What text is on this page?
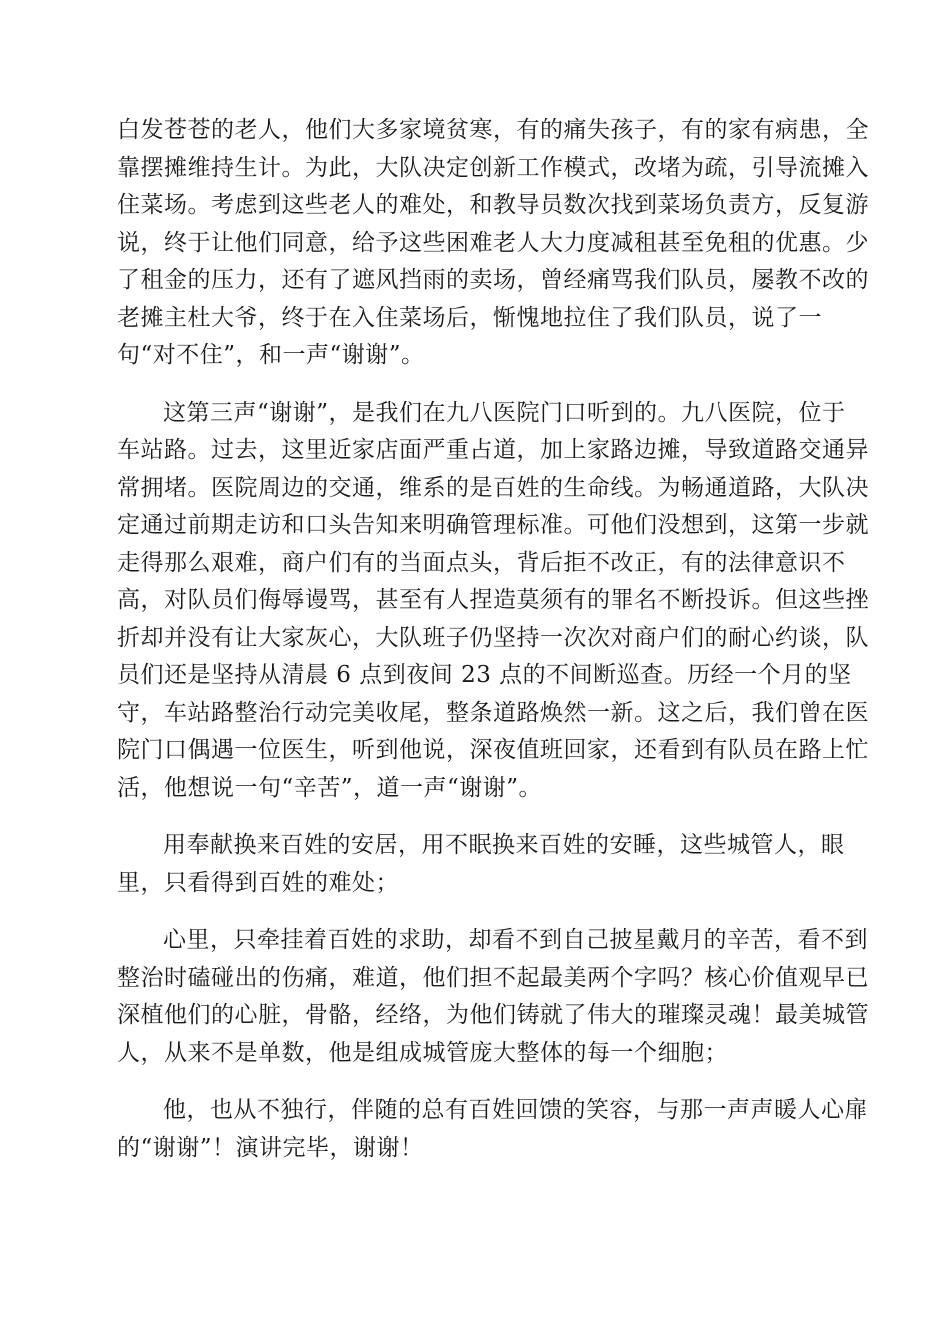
白发苍苍的老人，他们大多家境贫寒，有的痛失孩子，有的家有病患，全
靠摆摊维持生计。为此，大队决定创新工作模式，改堵为疏，引导流摊入
住菜场。考虑到这些老人的难处，和教导员数次找到菜场负责方，反复游
说，终于让他们同意，给予这些困难老人大力度减租甚至免租的优惠。少
了租金的压力，还有了遮风挡雨的卖场，曾经痛骂我们队员，屡教不改的
老摊主杜大爷，终于在入住菜场后，惭愧地拉住了我们队员，说了一
句“对不住”，和一声“谢谢”。

这第三声“谢谢”，是我们在九八医院门口听到的。九八医院，位于
车站路。过去，这里近家店面严重占道，加上家路边摊，导致道路交通异
常拥堵。医院周边的交通，维系的是百姓的生命线。为畅通道路，大队决
定通过前期走访和口头告知来明确管理标准。可他们没想到，这第一步就
走得那么艰难，商户们有的当面点头，背后拒不改正，有的法律意识不
高，对队员们侮辱谩骂，甚至有人捏造莫须有的罪名不断投诉。但这些挫
折却并没有让大家灰心，大队班子仍坚持一次次对商户们的耐心约谈，队
员们还是坚持从清晨 6 点到夜间 23 点的不间断巡查。历经一个月的坚
守，车站路整治行动完美收尾，整条道路焕然一新。这之后，我们曾在医
院门口偶遇一位医生，听到他说，深夜值班回家，还看到有队员在路上忙
活，他想说一句“辛苦”，道一声“谢谢”。

用奉献换来百姓的安居，用不眠换来百姓的安睡，这些城管人，眼
里，只看得到百姓的难处；

心里，只牵挂着百姓的求助，却看不到自己披星戴月的辛苦，看不到
整治时磕碰出的伤痛，难道，他们担不起最美两个字吗？核心价值观早已
深植他们的心脏，骨骼，经络，为他们铸就了伟大的璀璨灵魂！最美城管
人，从来不是单数，他是组成城管庞大整体的每一个细胞；

他，也从不独行，伴随的总有百姓回馈的笑容，与那一声声暖人心扉
的“谢谢”！演讲完毕，谢谢！
